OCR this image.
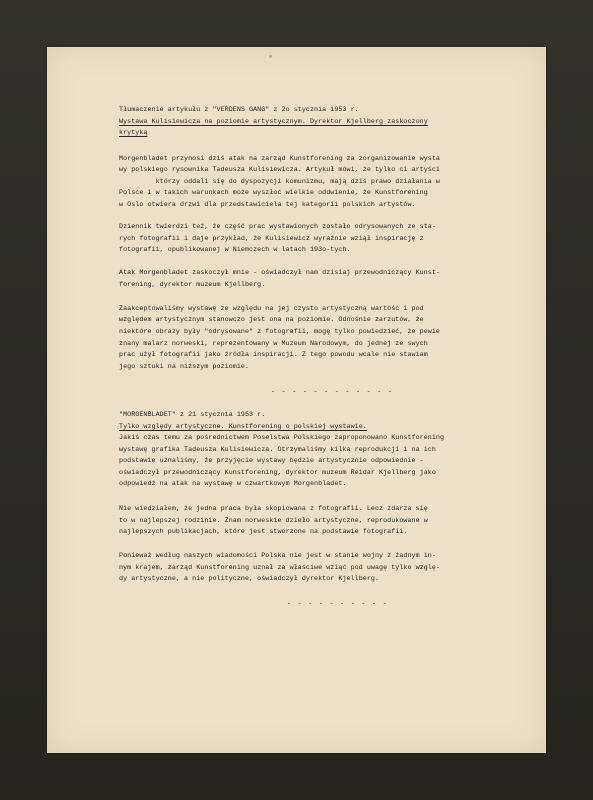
Tłumaczenie artykułu z "VERDENS GANG" z 2o stycznia 1953 r.
Wystawa Kulisiewicza na poziomie artystycznym. Dyrektor Kjellberg zaskoczony
krytyką
Morgenbladet przynosi dziś atak na zarząd Kunstforening za zorganizowanie wysta
wy polskiego rysownika Tadeusza Kulisiewicza. Artykuł mówi, że tylko ci artyści
którzy oddali się do dyspozycji komunizmu, mają dziś prawo działania w
Polsce i w takich warunkach może wyszłoć wielkie oddwienie, że Kunstforening
w Oslo otwiera drzwi dla przedstawiciela tej kategorii polskich artystów.
Dziennik twierdzi też, że część prac wystawionych zostało odrysowanych ze sta-
rych fotografii i daje przykład, że Kulisiewicz wyraźnie wziął inspirację z
fotografii, opublikowanej w Niemczech w latach 193o-tych.
Atak Morgenbladet zaskoczył mnie - oświadczył nam dzisiaj przewodniczący Kunst-
forening, dyrektor muzeum Kjellberg.
Zaakceptowaliśmy wystawę ze względu na jej czysto artystyczną wartość i pod
względem artystycznym stanowczo jest ona na poziomie. Odnośnie zarzutów, że
niektóre obrazy były "odrysowane" z fotografii, mogę tylko powiedzieć, że pewie
znany malarz norweski, reprezentowany w Muzeum Narodowym, do jednej ze swych
prac użył fotografii jako źródła inspiracji. Z tego powodu wcale nie stawiam
jego sztuki na niższym poziomie.
- - - - - - - - - - - -
"MORGENBLADET" z 21 stycznia 1953 r.
Tylko względy artystyczne. Kunstforening o polskiej wystawie.
Jakiś czas temu za pośrednictwem Poselstwa Polskiego zaproponowano Kunstforening
wystawę grafika Tadeusza Kulisiewicza. Otrzymaliśmy kilka reprodukcji i na ich
podstawie uznaliśmy, że przyjęcie wystawy będzie artystycznie odpowiednie -
oświadczył przewodniczący Kunstforening, dyrektor muzeum Reidar Kjellberg jako
odpowiedź na atak na wystawę w czwartkowym Morgenbladet.
Nie wiedziałem, że jedna praca była skopiowana z fotografii. Lecz zdarza się
to w najlepszej rodzinie. Znam norweskie dzieło artystyczne, reprodukowane w
najlepszych publikacjach, które jest stworzone na podstawie fotografii.
Ponieważ według naszych wiadomości Polska nie jest w stanie wojny z żadnym in-
nym krajem, zarząd Kunstforening uznał za właściwe wziąć pod uwagę tylko wzglę-
dy artystyczne, a nie polityczne, oświadczył dyrektor Kjellberg.
- - - - - - - - - -
